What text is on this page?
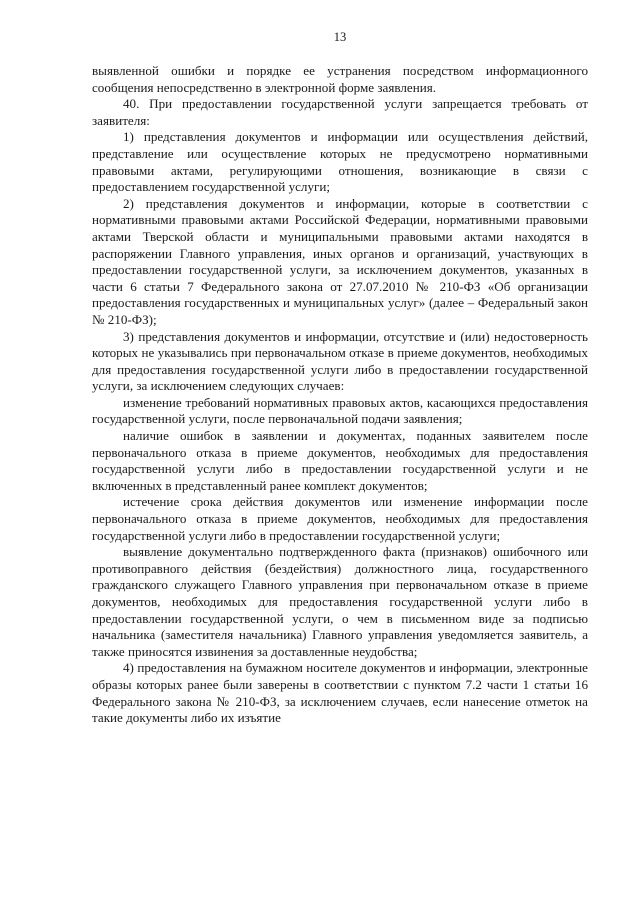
13

выявленной ошибки и порядке ее устранения посредством информационного сообщения непосредственно в электронной форме заявления.

40. При предоставлении государственной услуги запрещается требовать от заявителя:

1) представления документов и информации или осуществления действий, представление или осуществление которых не предусмотрено нормативными правовыми актами, регулирующими отношения, возникающие в связи с предоставлением государственной услуги;

2) представления документов и информации, которые в соответствии с нормативными правовыми актами Российской Федерации, нормативными правовыми актами Тверской области и муниципальными правовыми актами находятся в распоряжении Главного управления, иных органов и организаций, участвующих в предоставлении государственной услуги, за исключением документов, указанных в части 6 статьи 7 Федерального закона от 27.07.2010 № 210-ФЗ «Об организации предоставления государственных и муниципальных услуг» (далее – Федеральный закон № 210-ФЗ);

3) представления документов и информации, отсутствие и (или) недостоверность которых не указывались при первоначальном отказе в приеме документов, необходимых для предоставления государственной услуги либо в предоставлении государственной услуги, за исключением следующих случаев:

изменение требований нормативных правовых актов, касающихся предоставления государственной услуги, после первоначальной подачи заявления;

наличие ошибок в заявлении и документах, поданных заявителем после первоначального отказа в приеме документов, необходимых для предоставления государственной услуги либо в предоставлении государственной услуги и не включенных в представленный ранее комплект документов;

истечение срока действия документов или изменение информации после первоначального отказа в приеме документов, необходимых для предоставления государственной услуги либо в предоставлении государственной услуги;

выявление документально подтвержденного факта (признаков) ошибочного или противоправного действия (бездействия) должностного лица, государственного гражданского служащего Главного управления при первоначальном отказе в приеме документов, необходимых для предоставления государственной услуги либо в предоставлении государственной услуги, о чем в письменном виде за подписью начальника (заместителя начальника) Главного управления уведомляется заявитель, а также приносятся извинения за доставленные неудобства;

4) предоставления на бумажном носителе документов и информации, электронные образы которых ранее были заверены в соответствии с пунктом 7.2 части 1 статьи 16 Федерального закона № 210-ФЗ, за исключением случаев, если нанесение отметок на такие документы либо их изъятие
